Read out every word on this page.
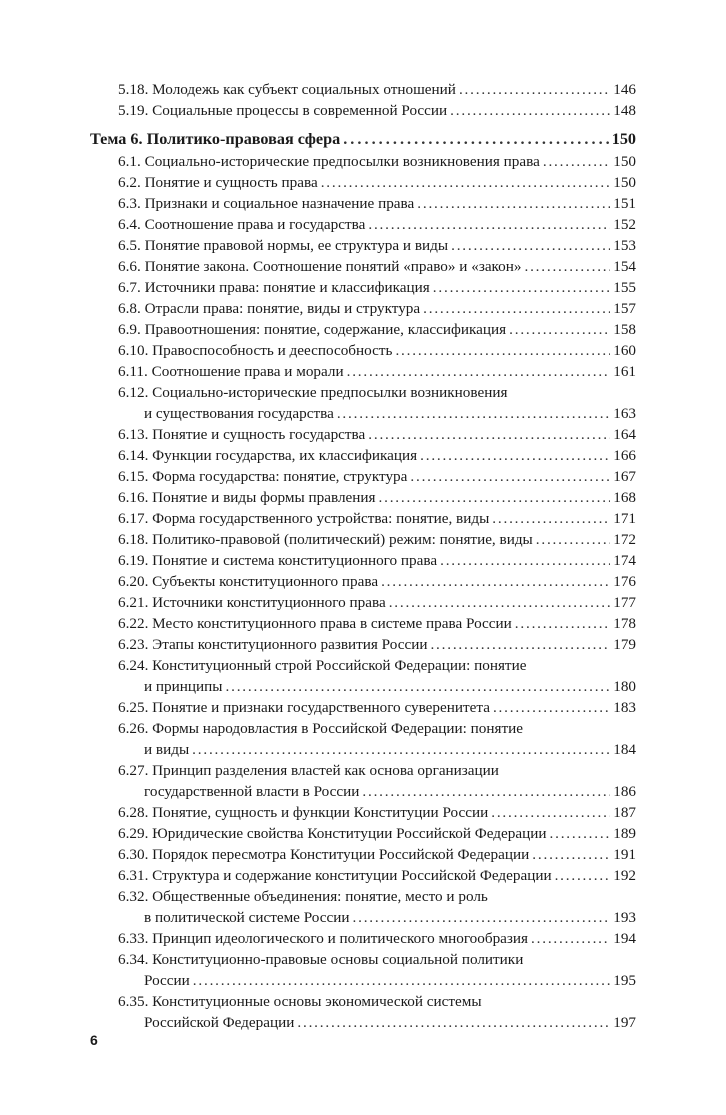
5.18. Молодежь как субъект социальных отношений . . .	146
5.19. Социальные процессы в современной России . . .	148
Тема 6. Политико-правовая сфера . . .	150
6.1. Социально-исторические предпосылки возникновения права . . .	150
6.2. Понятие и сущность права . . .	150
6.3. Признаки и социальное назначение права . . .	151
6.4. Соотношение права и государства . . .	152
6.5. Понятие правовой нормы, ее структура и виды . . .	153
6.6. Понятие закона. Соотношение понятий «право» и «закон» . . .	154
6.7. Источники права: понятие и классификация . . .	155
6.8. Отрасли права: понятие, виды и структура . . .	157
6.9. Правоотношения: понятие, содержание, классификация . . .	158
6.10. Правоспособность и дееспособность . . .	160
6.11. Соотношение права и морали . . .	161
6.12. Социально-исторические предпосылки возникновения
и существования государства . . .	163
6.13. Понятие и сущность государства . . .	164
6.14. Функции государства, их классификация . . .	166
6.15. Форма государства: понятие, структура . . .	167
6.16. Понятие и виды формы правления . . .	168
6.17. Форма государственного устройства: понятие, виды . . .	171
6.18. Политико-правовой (политический) режим: понятие, виды . . .	172
6.19. Понятие и система конституционного права . . .	174
6.20. Субъекты конституционного права . . .	176
6.21. Источники конституционного права . . .	177
6.22. Место конституционного права в системе права России . . .	178
6.23. Этапы конституционного развития России . . .	179
6.24. Конституционный строй Российской Федерации: понятие
и принципы . . .	180
6.25. Понятие и признаки государственного суверенитета . . .	183
6.26. Формы народовластия в Российской Федерации: понятие
и виды . . .	184
6.27. Принцип разделения властей как основа организации
государственной власти в России . . .	186
6.28. Понятие, сущность и функции Конституции России . . .	187
6.29. Юридические свойства Конституции Российской Федерации . . .	189
6.30. Порядок пересмотра Конституции Российской Федерации . . .	191
6.31. Структура и содержание конституции Российской Федерации . . .	192
6.32. Общественные объединения: понятие, место и роль
в политической системе России . . .	193
6.33. Принцип идеологического и политического многообразия . . .	194
6.34. Конституционно-правовые основы социальной политики
России . . .	195
6.35. Конституционные основы экономической системы
Российской Федерации . . .	197
6
